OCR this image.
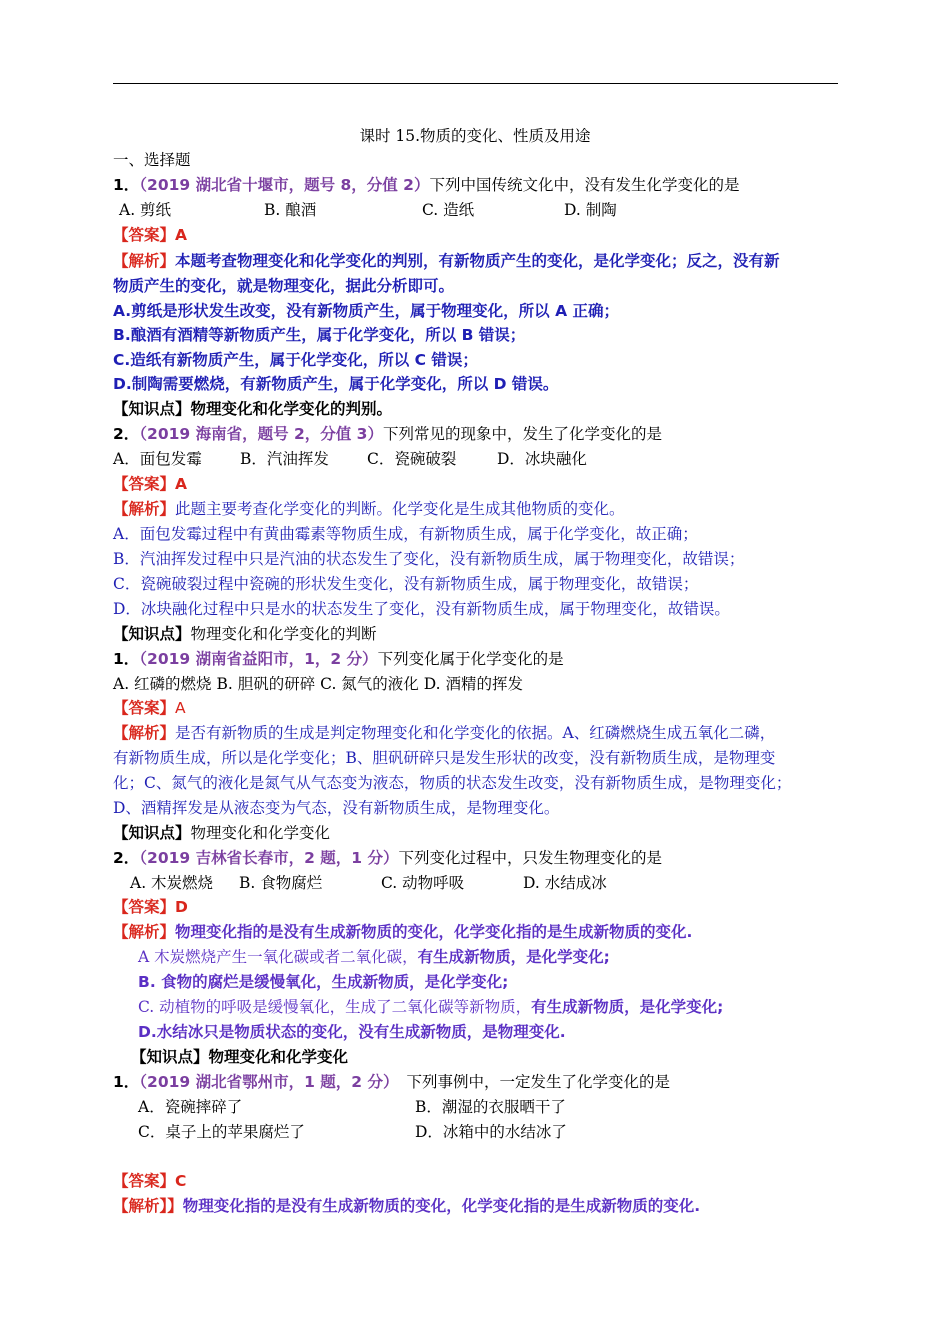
课时 15.物质的变化、性质及用途
一、选择题
1．（2019 湖北省十堰市，题号 8，分值 2）下列中国传统文化中，没有发生化学变化的是
A. 剪纸	B. 酿酒	C. 造纸	D. 制陶
【答案】A
【解析】本题考查物理变化和化学变化的判别，有新物质产生的变化，是化学变化；反之，没有新
物质产生的变化，就是物理变化，据此分析即可。
A.剪纸是形状发生改变，没有新物质产生，属于物理变化，所以 A 正确；
B.酿酒有酒精等新物质产生，属于化学变化，所以 B 错误；
C.造纸有新物质产生，属于化学变化，所以 C 错误；
D.制陶需要燃烧，有新物质产生，属于化学变化，所以 D 错误。
【知识点】物理变化和化学变化的判别。
2．（2019 海南省，题号 2，分值 3）下列常见的现象中，发生了化学变化的是
A．面包发霉 B．汽油挥发 C．瓷碗破裂	D．冰块融化
【答案】A
【解析】此题主要考查化学变化的判断。化学变化是生成其他物质的变化。
A．面包发霉过程中有黄曲霉素等物质生成，有新物质生成，属于化学变化，故正确；
B．汽油挥发过程中只是汽油的状态发生了变化，没有新物质生成，属于物理变化，故错误；
C．瓷碗破裂过程中瓷碗的形状发生变化，没有新物质生成，属于物理变化，故错误；
D．冰块融化过程中只是水的状态发生了变化，没有新物质生成，属于物理变化，故错误。
【知识点】物理变化和化学变化的判断
1．（2019 湖南省益阳市，1，2 分）下列变化属于化学变化的是
A. 红磷的燃烧 B. 胆矾的研碎 C. 氮气的液化 D. 酒精的挥发
【答案】A
【解析】是否有新物质的生成是判定物理变化和化学变化的依据。A、红磷燃烧生成五氧化二磷，
有新物质生成，所以是化学变化；B、胆矾研碎只是发生形状的改变，没有新物质生成，是物理变
化；C、氮气的液化是氮气从气态变为液态，物质的状态发生改变，没有新物质生成，是物理变化；
D、酒精挥发是从液态变为气态，没有新物质生成，是物理变化。
【知识点】物理变化和化学变化
2．（2019 吉林省长春市，2 题，1 分）下列变化过程中，只发生物理变化的是
A. 木炭燃烧 B. 食物腐烂	C. 动物呼吸	D. 水结成冰
【答案】D
【解析】物理变化指的是没有生成新物质的变化，化学变化指的是生成新物质的变化.
A 木炭燃烧产生一氧化碳或者二氧化碳，有生成新物质，是化学变化;
B. 食物的腐烂是缓慢氧化，生成新物质，是化学变化;
C. 动植物的呼吸是缓慢氧化，生成了二氧化碳等新物质，有生成新物质，是化学变化;
D.水结冰只是物质状态的变化，没有生成新物质，是物理变化.
【知识点】物理变化和化学变化
1．（2019 湖北省鄂州市，1 题，2 分） 下列事例中，一定发生了化学变化的是
A．瓷碗摔碎了	B．潮湿的衣服晒干了
C．桌子上的苹果腐烂了	D．冰箱中的水结冰了
【答案】C
【解析】】物理变化指的是没有生成新物质的变化，化学变化指的是生成新物质的变化.
